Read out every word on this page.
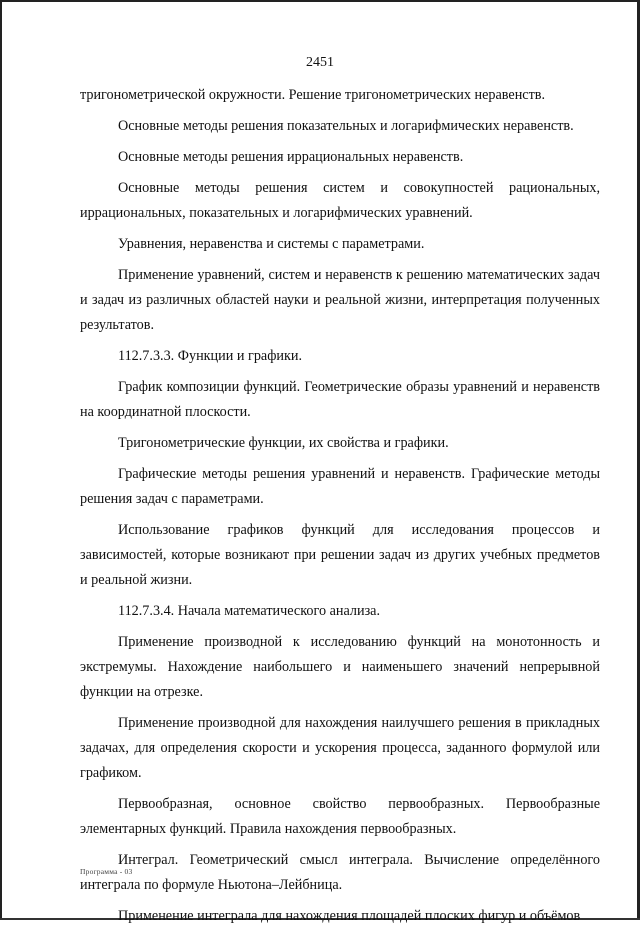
2451

тригонометрической окружности. Решение тригонометрических неравенств.

Основные методы решения показательных и логарифмических неравенств.

Основные методы решения иррациональных неравенств.

Основные методы решения систем и совокупностей рациональных, иррациональных, показательных и логарифмических уравнений.

Уравнения, неравенства и системы с параметрами.

Применение уравнений, систем и неравенств к решению математических задач и задач из различных областей науки и реальной жизни, интерпретация полученных результатов.

112.7.3.3. Функции и графики.

График композиции функций. Геометрические образы уравнений и неравенств на координатной плоскости.

Тригонометрические функции, их свойства и графики.

Графические методы решения уравнений и неравенств. Графические методы решения задач с параметрами.

Использование графиков функций для исследования процессов и зависимостей, которые возникают при решении задач из других учебных предметов и реальной жизни.

112.7.3.4. Начала математического анализа.

Применение производной к исследованию функций на монотонность и экстремумы. Нахождение наибольшего и наименьшего значений непрерывной функции на отрезке.

Применение производной для нахождения наилучшего решения в прикладных задачах, для определения скорости и ускорения процесса, заданного формулой или графиком.

Первообразная, основное свойство первообразных. Первообразные элементарных функций. Правила нахождения первообразных.

Интеграл. Геометрический смысл интеграла. Вычисление определённого интеграла по формуле Ньютона–Лейбница.

Применение интеграла для нахождения площадей плоских фигур и объёмов

Программа - 03
